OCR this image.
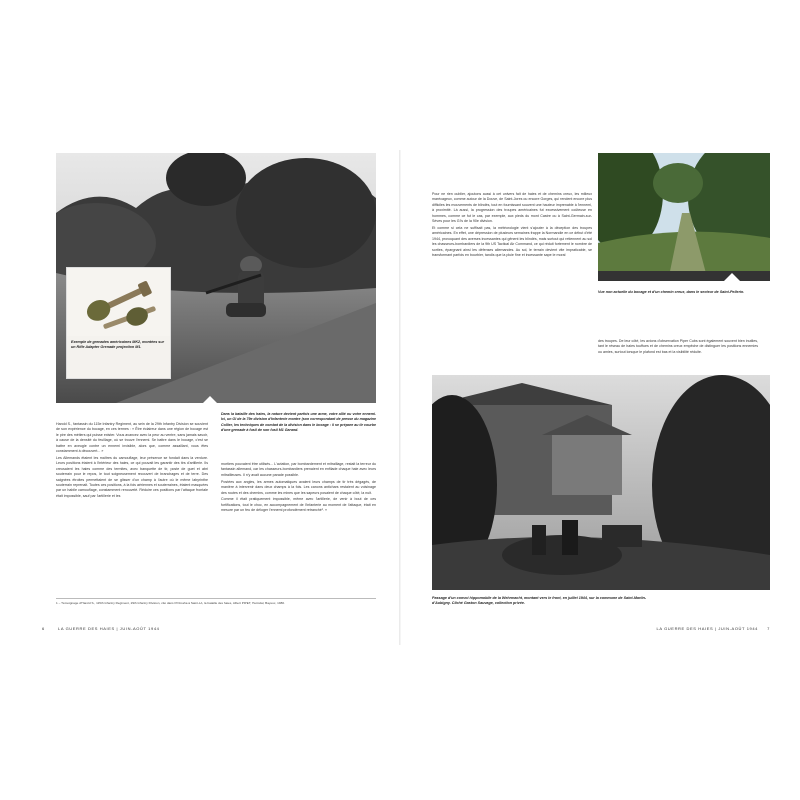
Harold S., fantassin du 115e Infantry Regiment, au sein de la 29th Infantry Division se souvient de son expérience du bocage, en ces termes : « Être éclaireur dans une région de bocage est le pire des métiers qui puisse exister. Vous avancez avec la peur au ventre, sans jamais savoir, à cause de la densité du feuillage, où se trouve l'ennemi. Se battre dans le bocage, c'est se battre en aveugle contre un ennemi invisible, alors que, comme assaillant, vous êtes constamment à découvert... »

Les Allemands étaient les maîtres du camouflage, leur présence se fondait dans la verdure. Leurs positions étaient à l'intérieur des haies, ce qui pouvait les garantir des tirs d'artillerie. Ils creusaient les haies comme des termites, avec banquette de tir, poste de guet et abri souterrain pour le repos, le tout soigneusement recouvert de branchages et de terre. Des saignées étroites permettaient de se glisser d'un champ à l'autre où le même labyrinthe souterrain reprenait. Toutes ces positions, à la fois aériennes et souterraines, étaient masquées par un habile camouflage, constamment renouvelé. Réduire ces positions par l'attaque frontale était impossible, sauf par l'artillerie et les

Dans la bataille des haies, la nature devient parfois une arme, votre allié ou votre ennemi. Ici, un GI de la 79e division d'infanterie montre (son correspondant de presse du magazine Collier, les techniques de combat de la division dans le bocage : il se prépare au tir courbe d'une grenade à fusil de son fusil M1 Garand.

mortiers pouvaient être utilisés... L'aviation, par bombardement et mitraillage, restait la terreur du fantassin allemand, car les chasseurs-bombardiers prenaient en enfilade chaque haie avec leurs mitrailleuses. Il n'y avait aucune parade possible.

Postées aux angles, les armes automatiques avaient leurs champs de tir très dégagés, de manière à intervenir dans deux champs à la fois. Les canons antichars restaient au voisinage des routes et des chemins, comme les mines que les sapeurs posaient de chaque côté, la nuit.

Comme il était pratiquement impossible, même avec l'artillerie, de venir à bout de ces fortifications, tout le choc, en accompagnement de l'infanterie au moment de l'attaque, était en mesure par un feu de déloger l'ennemi profondément retranché¹. »

1 – Témoignage d'Harold S., 115th Infantry Regiment, 29th Infantry Division, cité dans D'Omaha à Saint-Lô, la bataille des haies, Albert PIPET, Heimdal, Bayeux, 1980.
6	LA GUERRE DES HAIES | JUIN-AOÛT 1944
Exemple de grenades américaines MK2, montées sur un Rifle Adapter Grenade projection M1.

Pour ne rien oublier, ajoutons aussi à cet univers fait de haies et de chemins creux, les milieux marécageux, comme autour de la Douve, de Saint-Jores ou encore Gorges, qui rendent encore plus difficiles les mouvements de blindés, tout en fournissant souvent une hauteur imprenable à l'ennemi, à proximité. Là aussi, la progression des troupes américaines fut excessivement coûteuse en hommes, comme ce fut le cas, par exemple, aux pieds du mont Castre ou à Saint-Germain-sur-Sèves pour les GI's de la 90e division.

Et comme si cela ne suffisait pas, la météorologie vient s'ajouter à la déception des troupes américaines. En effet, une dépression de plusieurs semaines frappe la Normandie en ce début d'été 1944, provoquant des averses incessantes qui gênent les blindés, mais surtout qui retiennent au sol les chasseurs-bombardiers de la 9th US Tactical Air Command, ce qui réduit fortement le nombre de sorties, épargnant ainsi les défenses allemandes. Au sol, le terrain devient vite impraticable, se transformant parfois en bourbier, tandis que la pluie fine et incessante sape le moral

Vue non actuelle du bocage et d'un chemin creux, dans le secteur de Saint-Pellerin.

des troupes. De leur côté, les avions d'observation Piper Cubs sont également souvent bien inutiles, tant le réseau de haies touffues et de chemins creux empêche de distinguer les positions ennemies ou amies, surtout lorsque le plafond est bas et la visibilité réduite.

Passage d'un convoi hippomobile de la Wehrmacht, montant vers le front, en juillet 1944, sur la commune de Saint-Martin-d'Aubigny. Cliché Gaston Sauvage, collection privée.
LA GUERRE DES HAIES | JUIN-AOÛT 1944 7
